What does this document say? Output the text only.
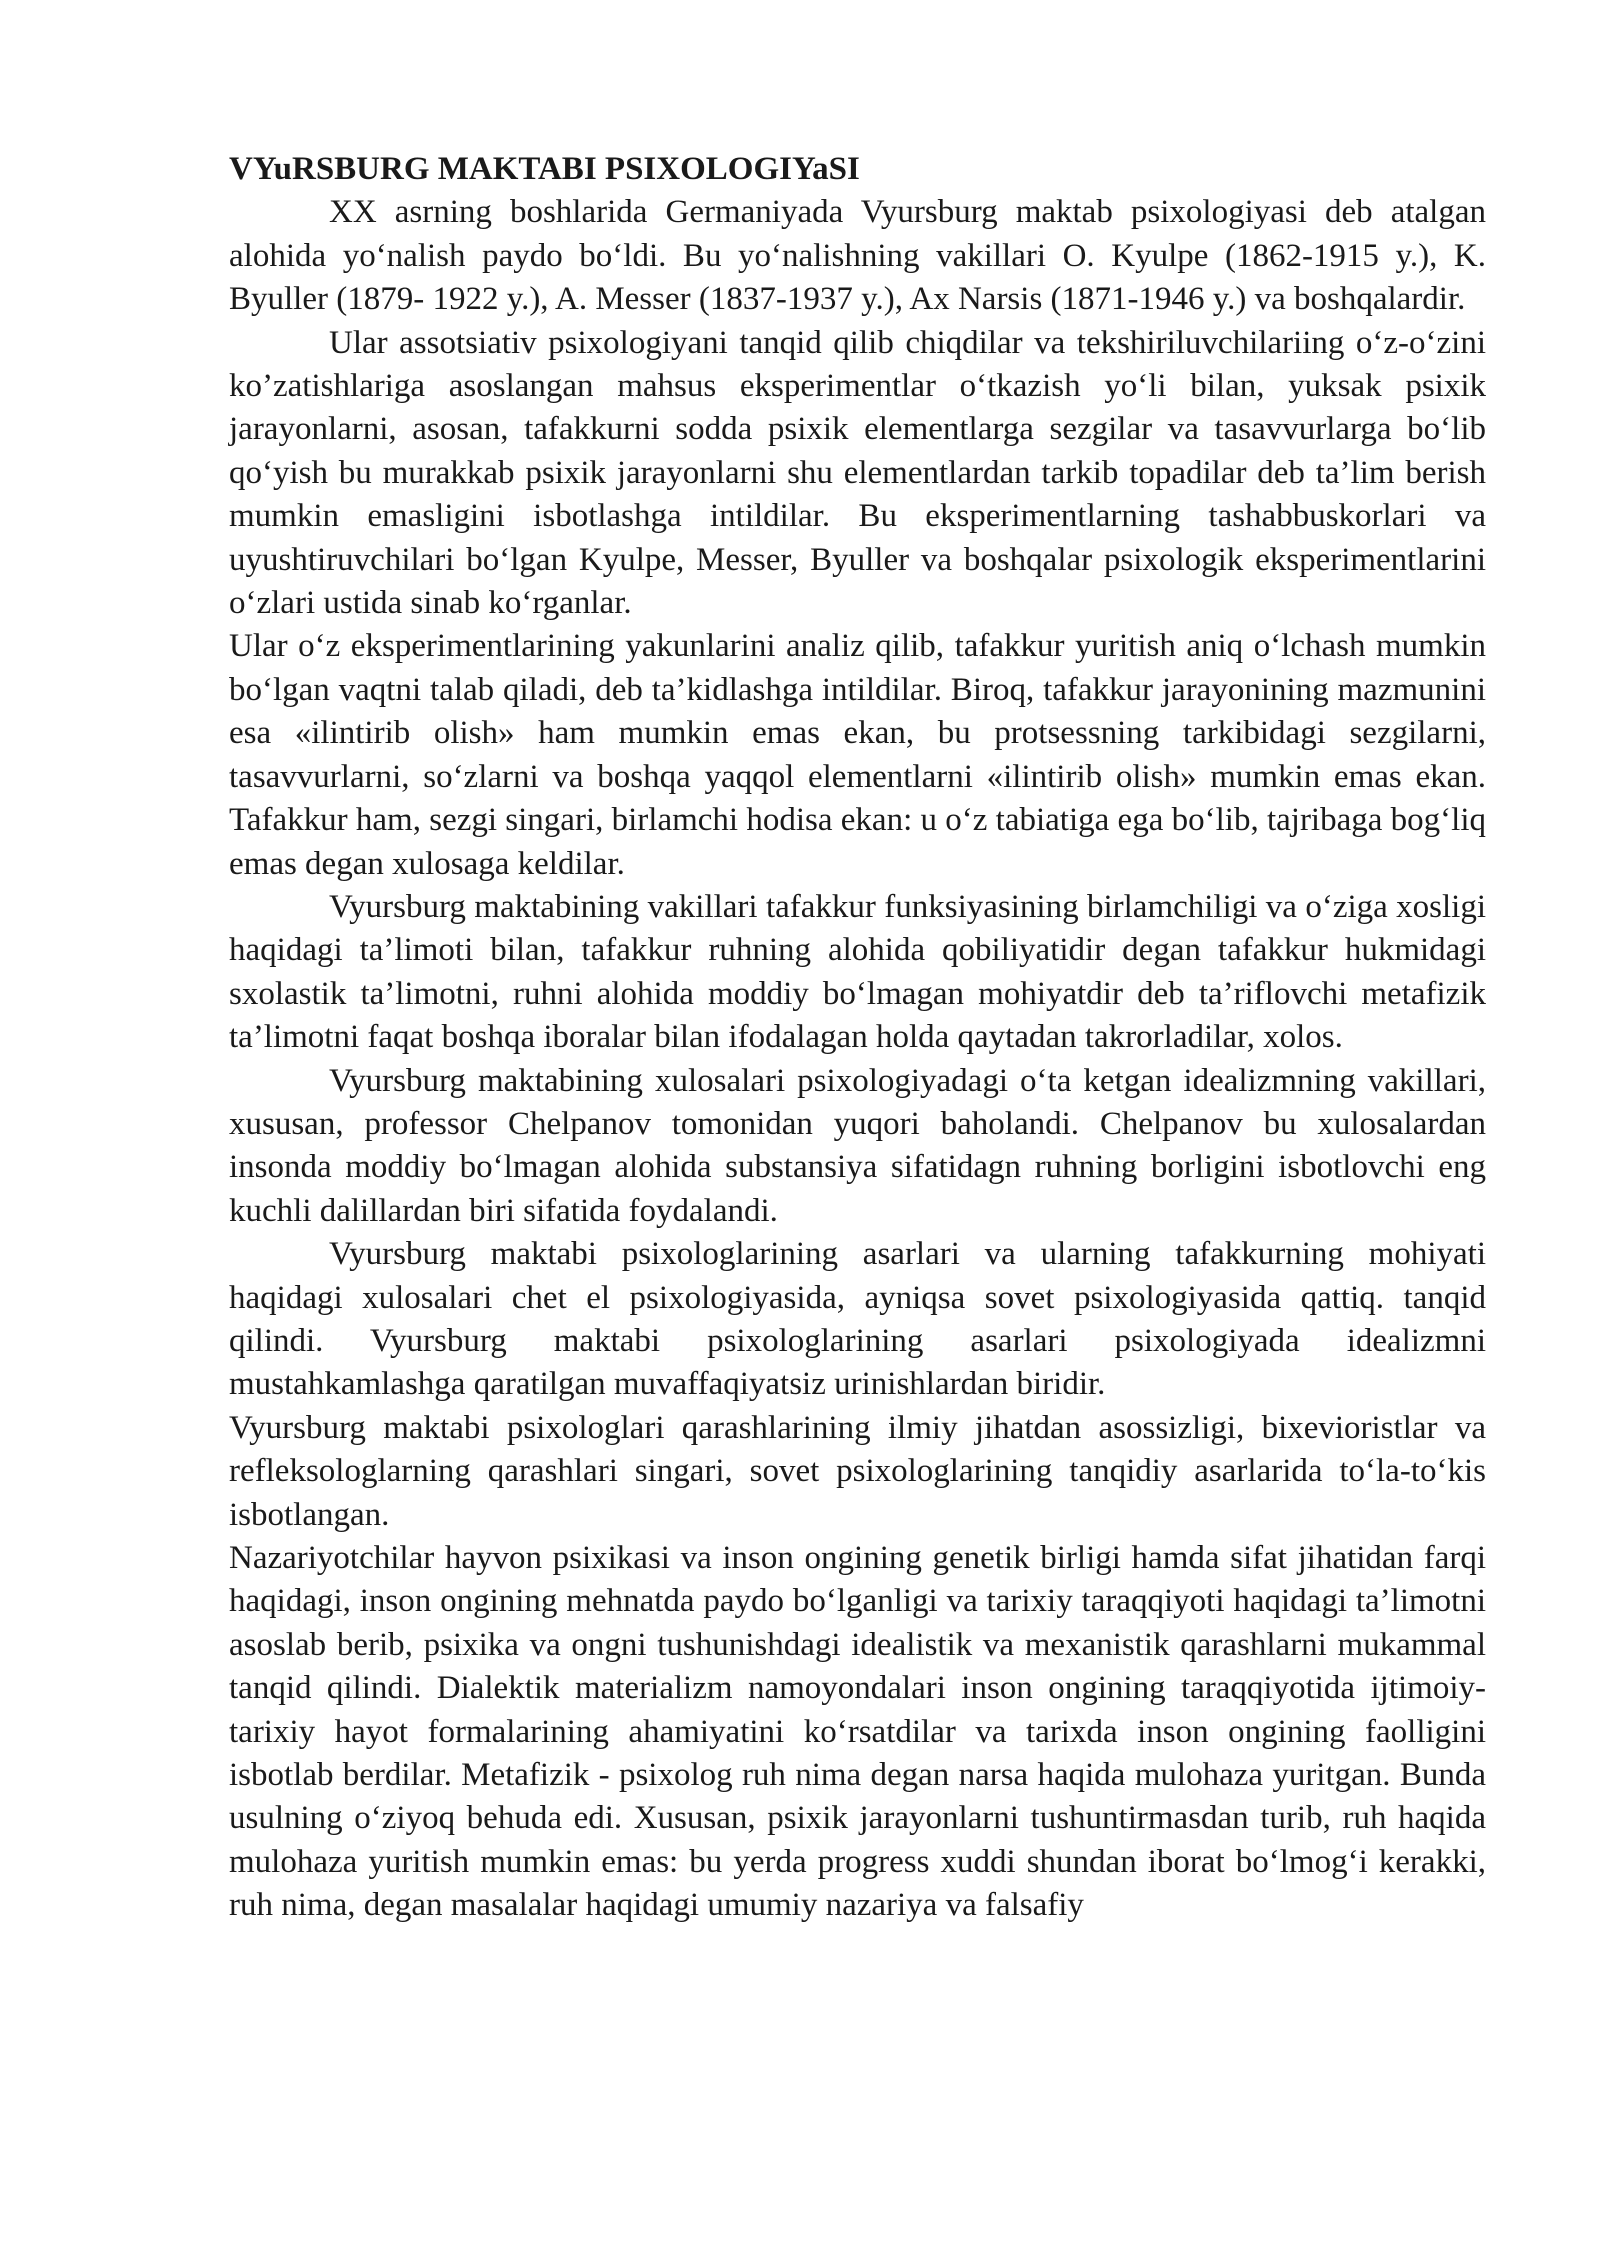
VYuRSBURG MAKTABI PSIXOLOGIYaSI

XX asrning boshlarida Germaniyada Vyursburg maktab psixologiyasi deb atalgan alohida yo‘nalish paydo bo‘ldi. Bu yo‘nalishning vakillari O. Kyulpe (1862-1915 y.), K. Byuller (1879- 1922 y.), A. Messer (1837-1937 y.), Ax Narsis (1871-1946 y.) va boshqalardir.

Ular assotsiativ psixologiyani tanqid qilib chiqdilar va tekshiriluvchilariing o‘z-o‘zini ko’zatishlariga asoslangan mahsus eksperimentlar o‘tkazish yo‘li bilan, yuksak psixik jarayonlarni, asosan, tafakkurni sodda psixik elementlarga sezgilar va tasavvurlarga bo‘lib qo‘yish bu murakkab psixik jarayonlarni shu elementlardan tarkib topadilar deb ta’lim berish mumkin emasligini isbotlashga intildilar. Bu eksperimentlarning tashabbuskorlari va uyushtiruvchilari bo‘lgan Kyulpe, Messer, Byuller va boshqalar psixologik eksperimentlarini o‘zlari ustida sinab ko‘rganlar.

Ular o‘z eksperimentlarining yakunlarini analiz qilib, tafakkur yuritish aniq o‘lchash mumkin bo‘lgan vaqtni talab qiladi, deb ta’kidlashga intildilar. Biroq, tafakkur jarayonining mazmunini esa «ilintirib olish» ham mumkin emas ekan, bu protsessning tarkibidagi sezgilarni, tasavvurlarni, so‘zlarni va boshqa yaqqol elementlarni «ilintirib olish» mumkin emas ekan. Tafakkur ham, sezgi singari, birlamchi hodisa ekan: u o‘z tabiatiga ega bo‘lib, tajribaga bog‘liq emas degan xulosaga keldilar.

Vyursburg maktabining vakillari tafakkur funksiyasining birlamchiligi va o‘ziga xosligi haqidagi ta’limoti bilan, tafakkur ruhning alohida qobiliyatidir degan tafakkur hukmidagi sxolastik ta’limotni, ruhni alohida moddiy bo‘lmagan mohiyatdir deb ta’riflovchi metafizik ta’limotni faqat boshqa iboralar bilan ifodalagan holda qaytadan takrorladilar, xolos.

Vyursburg maktabining xulosalari psixologiyadagi o‘ta ketgan idealizmning vakillari, xususan, professor Chelpanov tomonidan yuqori baholandi. Chelpanov bu xulosalardan insonda moddiy bo‘lmagan alohida substansiya sifatidagn ruhning borligini isbotlovchi eng kuchli dalillardan biri sifatida foydalandi.

Vyursburg maktabi psixologlarining asarlari va ularning tafakkurning mohiyati haqidagi xulosalari chet el psixologiyasida, ayniqsa sovet psixologiyasida qattiq. tanqid qilindi. Vyursburg maktabi psixologlarining asarlari psixologiyada idealizmni mustahkamlashga qaratilgan muvaffaqiyatsiz urinishlardan biridir.

Vyursburg maktabi psixologlari qarashlarining ilmiy jihatdan asossizligi, bixevioristlar va refleksologlarning qarashlari singari, sovet psixologlarining tanqidiy asarlarida to‘la-to‘kis isbotlangan.

Nazariyotchilar hayvon psixikasi va inson ongining genetik birligi hamda sifat jihatidan farqi haqidagi, inson ongining mehnatda paydo bo‘lganligi va tarixiy taraqqiyoti haqidagi ta’limotni asoslab berib, psixika va ongni tushunishdagi idealistik va mexanistik qarashlarni mukammal tanqid qilindi. Dialektik materializm namoyondalari inson ongining taraqqiyotida ijtimoiy-tarixiy hayot formalarining ahamiyatini ko‘rsatdilar va tarixda inson ongining faolligini isbotlab berdilar. Metafizik - psixolog ruh nima degan narsa haqida mulohaza yuritgan. Bunda usulning o‘ziyoq behuda edi. Xususan, psixik jarayonlarni tushuntirmasdan turib, ruh haqida mulohaza yuritish mumkin emas: bu yerda progress xuddi shundan iborat bo‘lmog‘i kerakki, ruh nima, degan masalalar haqidagi umumiy nazariya va falsafiy
